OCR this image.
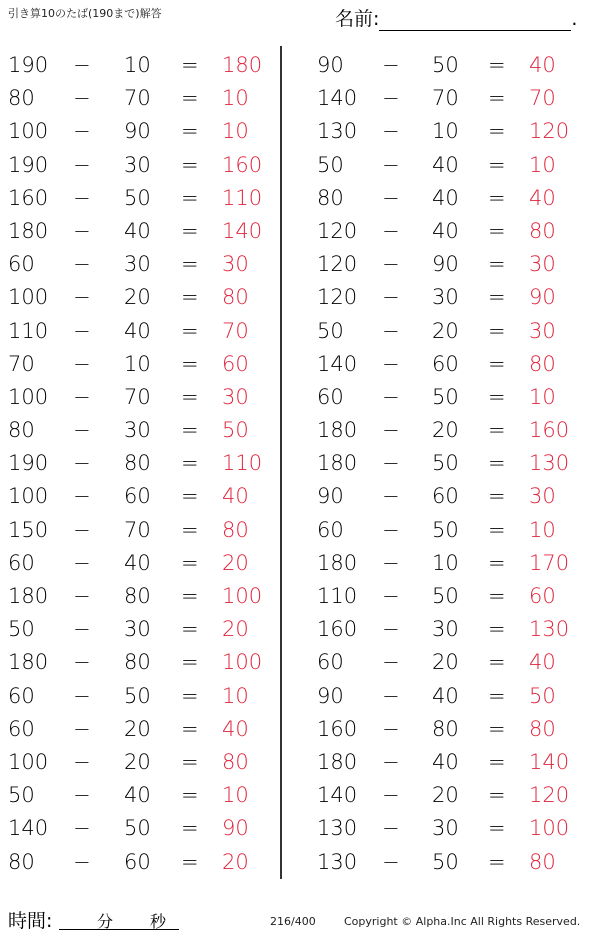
引き算10のたば(190まで)解答	名前:	.
190 − 10 = 180
80 − 70 = 10
100 − 90 = 10
190 − 30 = 160
160 − 50 = 110
180 − 40 = 140
60 − 30 = 30
100 − 20 = 80
110 − 40 = 70
70 − 10 = 60
100 − 70 = 30
80 − 30 = 50
190 − 80 = 110
100 − 60 = 40
150 − 70 = 80
60 − 40 = 20
180 − 80 = 100
50 − 30 = 20
180 − 80 = 100
60 − 50 = 10
60 − 20 = 40
100 − 20 = 80
50 − 40 = 10
140 − 50 = 90
80 − 60 = 20
90 − 50 = 40
140 − 70 = 70
130 − 10 = 120
50 − 40 = 10
80 − 40 = 40
120 − 40 = 80
120 − 90 = 30
120 − 30 = 90
50 − 20 = 30
140 − 60 = 80
60 − 50 = 10
180 − 20 = 160
180 − 50 = 130
90 − 60 = 30
60 − 50 = 10
180 − 10 = 170
110 − 50 = 60
160 − 30 = 130
60 − 20 = 40
90 − 40 = 50
160 − 80 = 80
180 − 40 = 140
140 − 20 = 120
130 − 30 = 100
130 − 50 = 80
時間:	分 秒	216/400	Copyright © Alpha.Inc All Rights Reserved.
